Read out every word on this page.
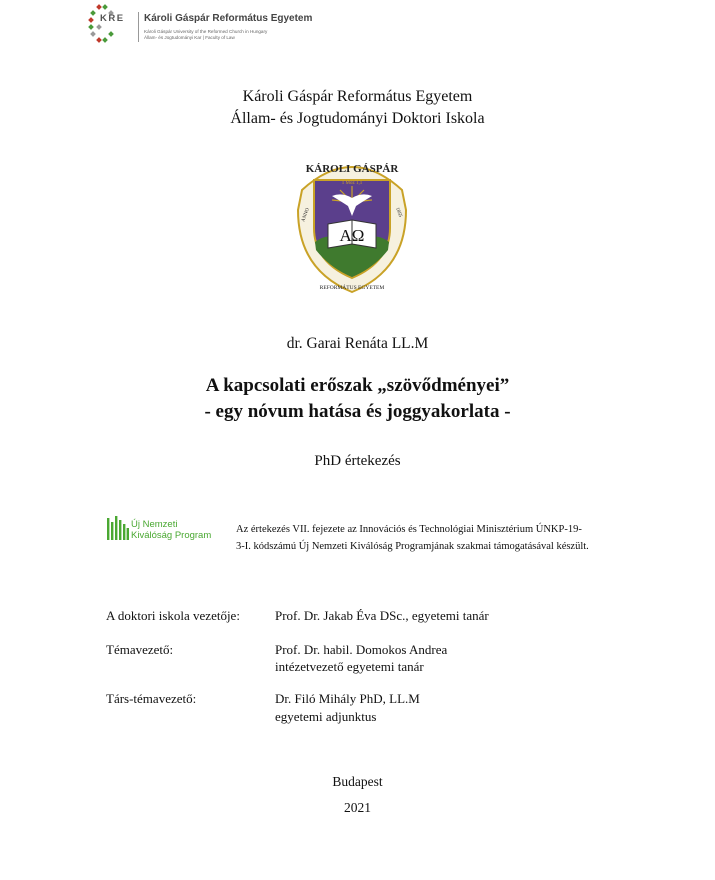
KRE	Károli Gáspár Református Egyetem
Károli Gáspár University of the Reformed Church in Hungary
Állam- és Jogtudományi Kar | Faculty of Law
Károli Gáspár Református Egyetem
Állam- és Jogtudományi Doktori Iskola
KÁROLI GÁSPÁR
1 Móz 1,1
AΩ
ANNO	1855
REFORMÁTUS EGYETEM
dr. Garai Renáta LL.M
A kapcsolati erőszak „szövődményei”
- egy nóvum hatása és joggyakorlata -
PhD értekezés
Új Nemzeti
Kiválóság Program
Az értekezés VII. fejezete az Innovációs és Technológiai Minisztérium ÚNKP-19-
3-I. kódszámú Új Nemzeti Kiválóság Programjának szakmai támogatásával készült.
A doktori iskola vezetője:	Prof. Dr. Jakab Éva DSc., egyetemi tanár
Témavezető:	Prof. Dr. habil. Domokos Andrea
intézetvezető egyetemi tanár
Társ-témavezető:	Dr. Filó Mihály PhD, LL.M
egyetemi adjunktus
Budapest
2021
